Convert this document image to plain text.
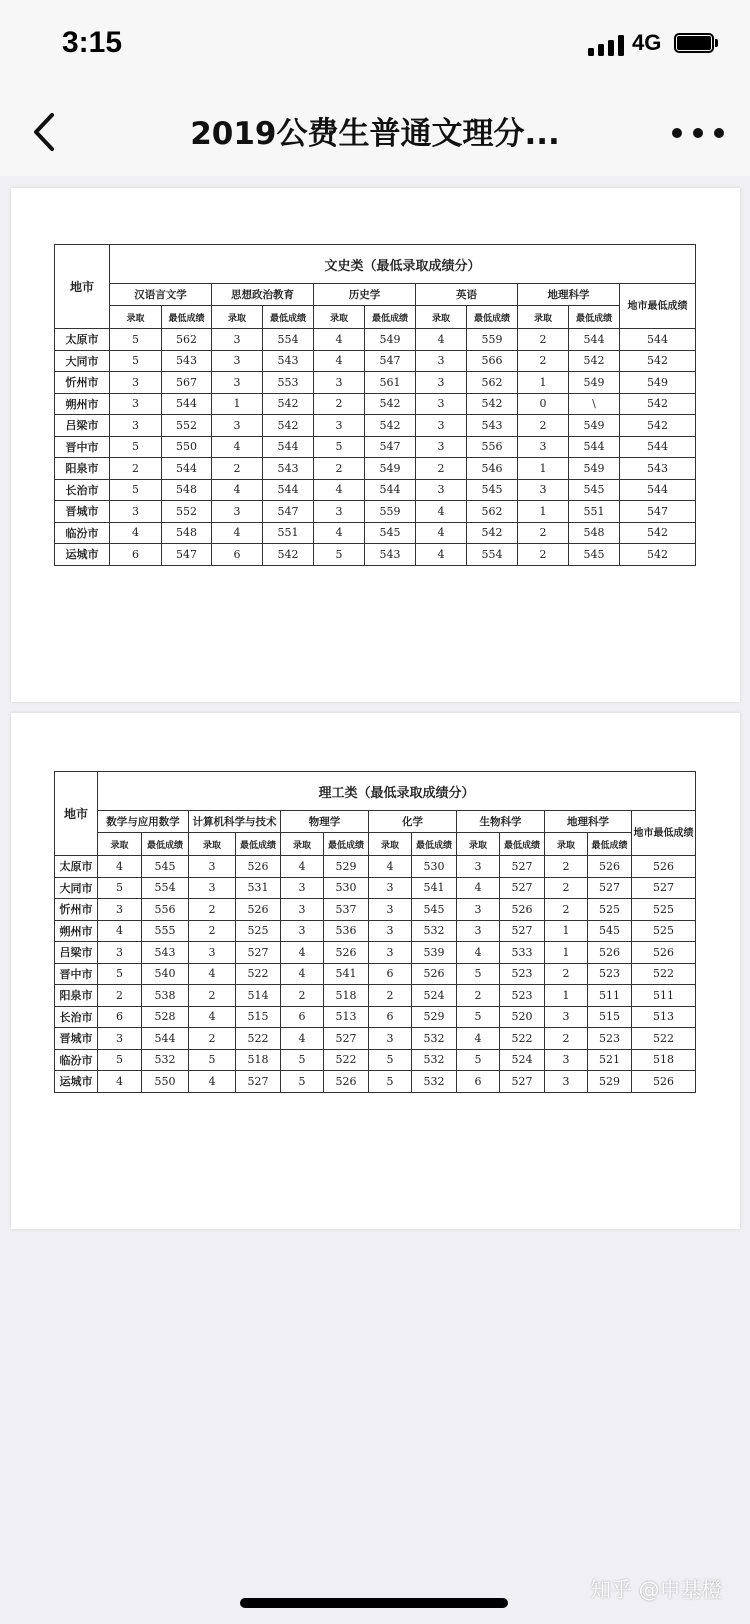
3:15	4G
2019公费生普通文理分...
地市	文史类（最低录取成绩分）										
	汉语言文学		思想政治教育		历史学		英语		地理科学		地市最低成绩
	录取	最低成绩	录取	最低成绩	录取	最低成绩	录取	最低成绩	录取	最低成绩	
太原市	5	562	3	554	4	549	4	559	2	544	544
大同市	5	543	3	543	4	547	3	566	2	542	542
忻州市	3	567	3	553	3	561	3	562	1	549	549
朔州市	3	544	1	542	2	542	3	542	0	\	542
吕梁市	3	552	3	542	3	542	3	543	2	549	542
晋中市	5	550	4	544	5	547	3	556	3	544	544
阳泉市	2	544	2	543	2	549	2	546	1	549	543
长治市	5	548	4	544	4	544	3	545	3	545	544
晋城市	3	552	3	547	3	559	4	562	1	551	547
临汾市	4	548	4	551	4	545	4	542	2	548	542
运城市	6	547	6	542	5	543	4	554	2	545	542
地市	理工类（最低录取成绩分）												
	数学与应用数学		计算机科学与技术		物理学		化学		生物科学		地理科学		地市最低成绩
	录取	最低成绩	录取	最低成绩	录取	最低成绩	录取	最低成绩	录取	最低成绩	录取	最低成绩	
太原市	4	545	3	526	4	529	4	530	3	527	2	526	526
大同市	5	554	3	531	3	530	3	541	4	527	2	527	527
忻州市	3	556	2	526	3	537	3	545	3	526	2	525	525
朔州市	4	555	2	525	3	536	3	532	3	527	1	545	525
吕梁市	3	543	3	527	4	526	3	539	4	533	1	526	526
晋中市	5	540	4	522	4	541	6	526	5	523	2	523	522
阳泉市	2	538	2	514	2	518	2	524	2	523	1	511	511
长治市	6	528	4	515	6	513	6	529	5	520	3	515	513
晋城市	3	544	2	522	4	527	3	532	4	522	2	523	522
临汾市	5	532	5	518	5	522	5	532	5	524	3	521	518
运城市	4	550	4	527	5	526	5	532	6	527	3	529	526
知乎 @申基橙
